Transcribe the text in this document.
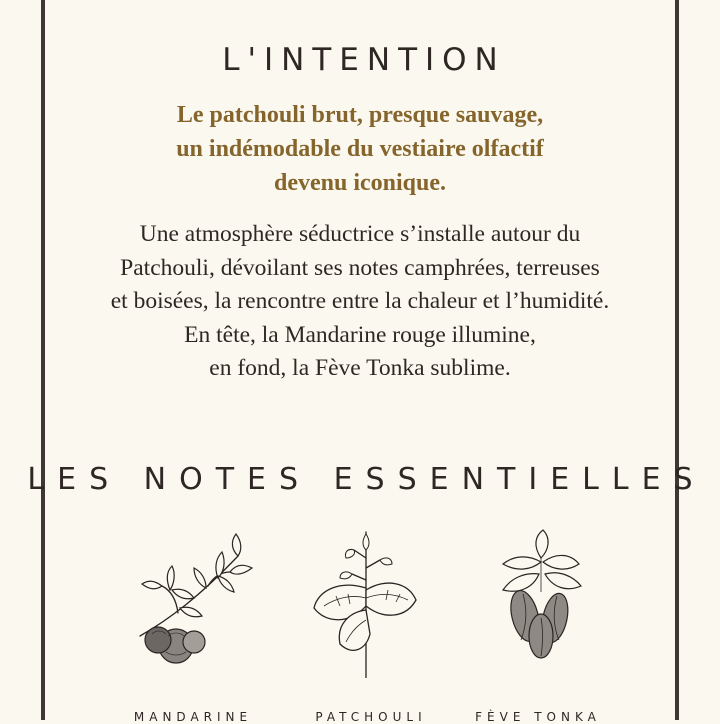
L'INTENTION
Le patchouli brut, presque sauvage,
un indémodable du vestiaire olfactif
devenu iconique.
Une atmosphère séductrice s’installe autour du
Patchouli, dévoilant ses notes camphrées, terreuses
et boisées, la rencontre entre la chaleur et l’humidité.
En tête, la Mandarine rouge illumine,
en fond, la Fève Tonka sublime.
LES NOTES ESSENTIELLES
MANDARINE	PATCHOULI	FÈVE TONKA
